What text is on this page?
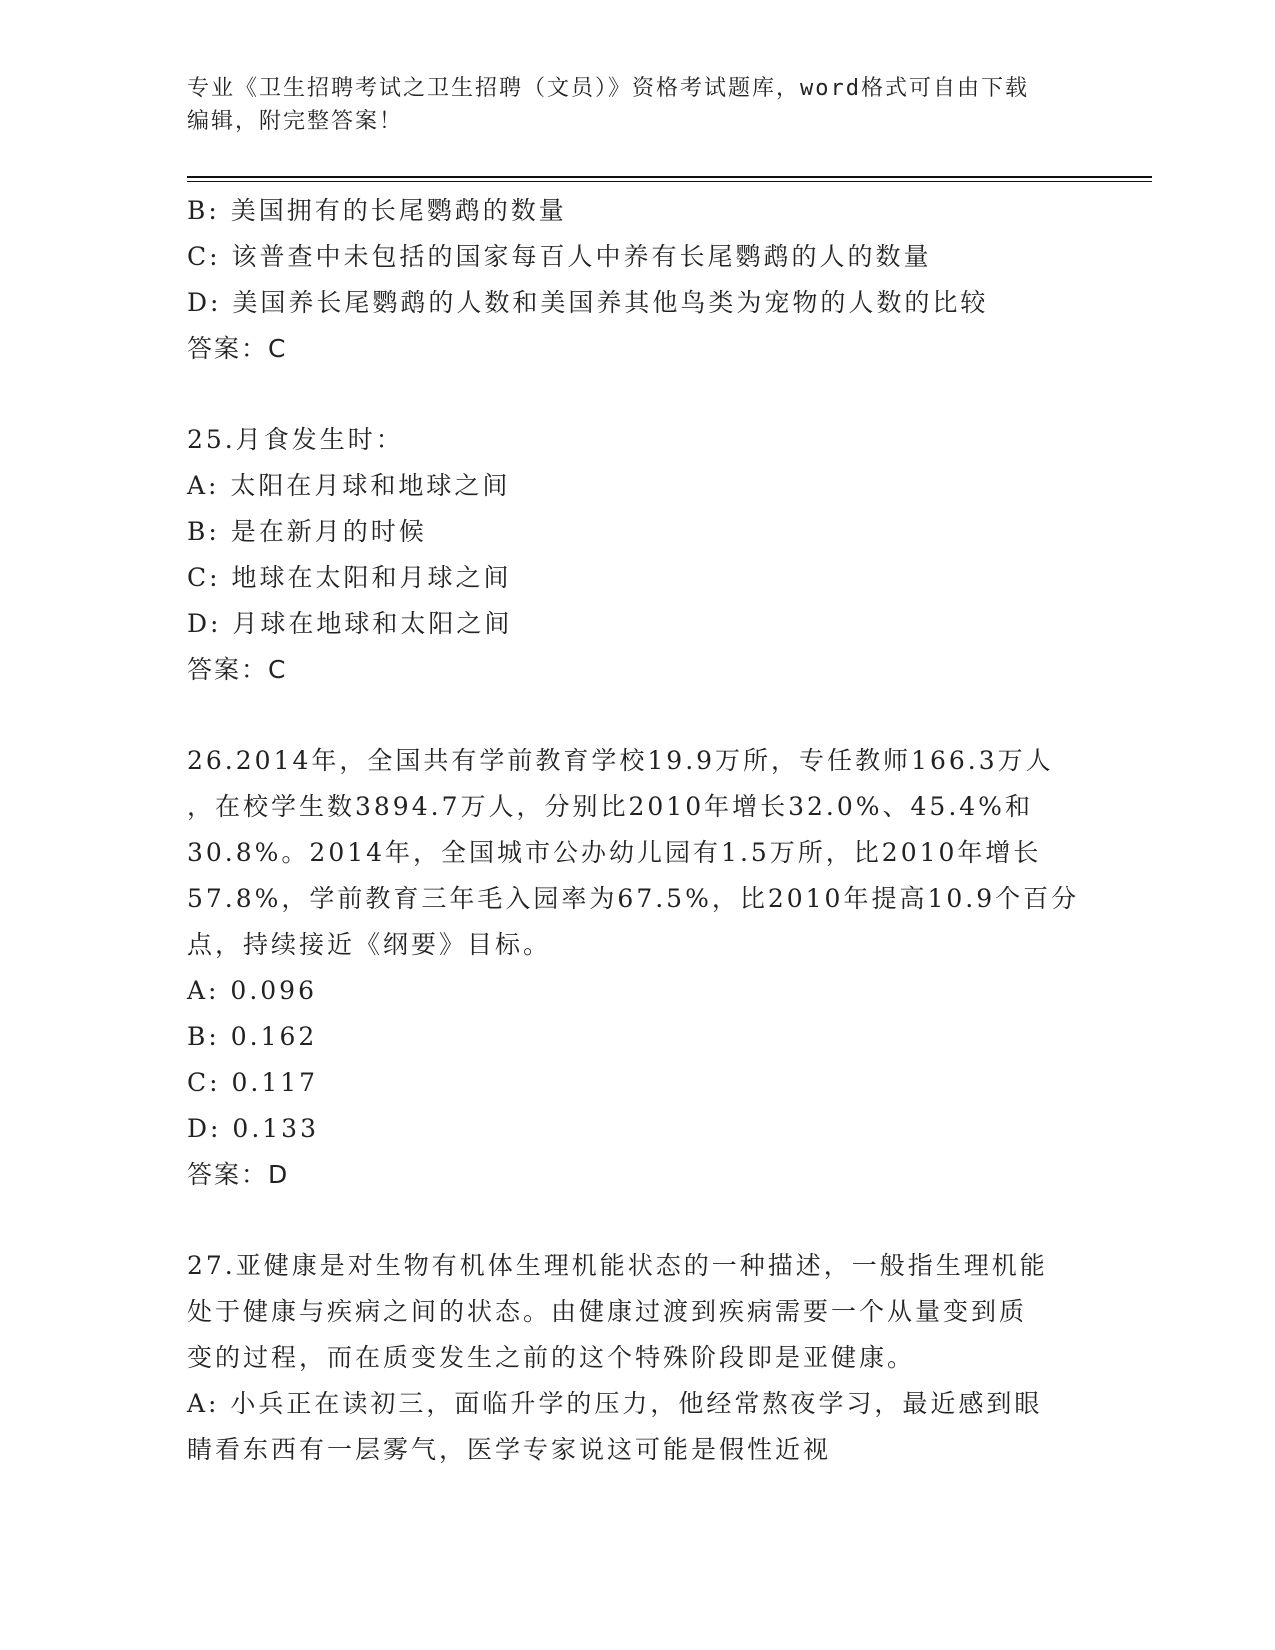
专业《卫生招聘考试之卫生招聘（文员）》资格考试题库，word格式可自由下载
编辑，附完整答案！
B: 美国拥有的长尾鹦鹉的数量
C: 该普查中未包括的国家每百人中养有长尾鹦鹉的人的数量
D: 美国养长尾鹦鹉的人数和美国养其他鸟类为宠物的人数的比较
答案：C
25.月食发生时：
A: 太阳在月球和地球之间
B: 是在新月的时候
C: 地球在太阳和月球之间
D: 月球在地球和太阳之间
答案：C
26.2014年，全国共有学前教育学校19.9万所，专任教师166.3万人
，在校学生数3894.7万人，分别比2010年增长32.0%、45.4%和
30.8%。2014年，全国城市公办幼儿园有1.5万所，比2010年增长
57.8%，学前教育三年毛入园率为67.5%，比2010年提高10.9个百分
点，持续接近《纲要》目标。
A: 0.096
B: 0.162
C: 0.117
D: 0.133
答案：D
27.亚健康是对生物有机体生理机能状态的一种描述，一般指生理机能
处于健康与疾病之间的状态。由健康过渡到疾病需要一个从量变到质
变的过程，而在质变发生之前的这个特殊阶段即是亚健康。
A: 小兵正在读初三，面临升学的压力，他经常熬夜学习，最近感到眼
睛看东西有一层雾气，医学专家说这可能是假性近视
